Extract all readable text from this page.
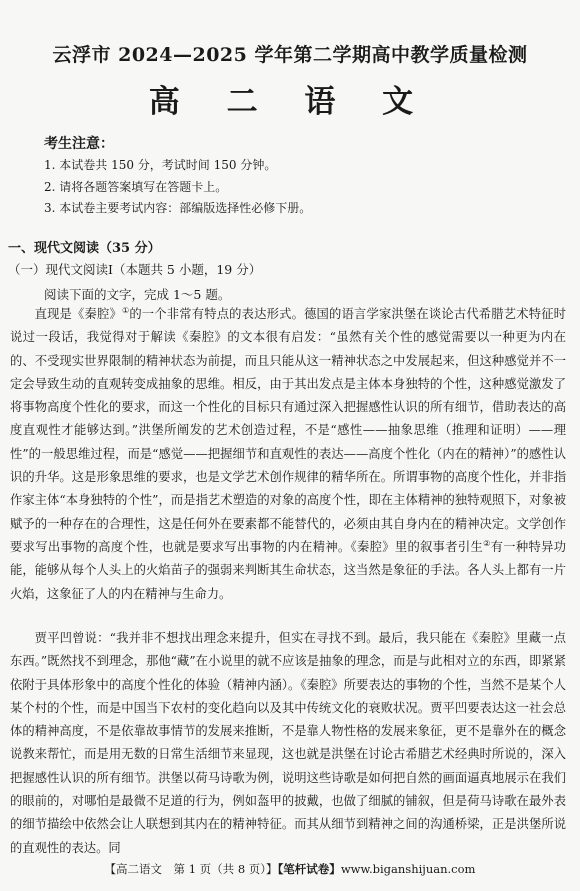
云浮市 2024—2025 学年第二学期高中教学质量检测
高 二 语 文
考生注意：
1. 本试卷共 150 分，考试时间 150 分钟。
2. 请将各题答案填写在答题卡上。
3. 本试卷主要考试内容：部编版选择性必修下册。
一、现代文阅读（35 分）
（一）现代文阅读Ⅰ（本题共 5 小题，19 分）
阅读下面的文字，完成 1～5 题。
直现是《秦腔》①的一个非常有特点的表达形式。德国的语言学家洪堡在谈论古代希腊艺术特征时说过一段话，我觉得对于解读《秦腔》的文本很有启发：“虽然有关个性的感觉需要以一种更为内在的、不受现实世界限制的精神状态为前提，而且只能从这一精神状态之中发展起来，但这种感觉并不一定会导致生动的直观转变成抽象的思维。相反，由于其出发点是主体本身独特的个性，这种感觉激发了将事物高度个性化的要求，而这一个性化的目标只有通过深入把握感性认识的所有细节，借助表达的高度直观性才能够达到。”洪堡所阐发的艺术创造过程，不是“感性——抽象思维（推理和证明）——理性”的一般思维过程，而是“感觉——把握细节和直观性的表达——高度个性化（内在的精神）”的感性认识的升华。这是形象思维的要求，也是文学艺术创作规律的精华所在。所谓事物的高度个性化，并非指作家主体“本身独特的个性”，而是指艺术塑造的对象的高度个性，即在主体精神的独特观照下，对象被赋予的一种存在的合理性，这是任何外在要素都不能替代的，必须由其自身内在的精神决定。文学创作要求写出事物的高度个性，也就是要求写出事物的内在精神。《秦腔》里的叙事者引生②有一种特异功能，能够从每个人头上的火焰苗子的强弱来判断其生命状态，这当然是象征的手法。各人头上都有一片火焰，这象征了人的内在精神与生命力。
贾平凹曾说：“我并非不想找出理念来提升，但实在寻找不到。最后，我只能在《秦腔》里藏一点东西。”既然找不到理念，那他“藏”在小说里的就不应该是抽象的理念，而是与此相对立的东西，即紧紧依附于具体形象中的高度个性化的体验（精神内涵）。《秦腔》所要表达的事物的个性，当然不是某个人某个村的个性，而是中国当下农村的变化趋向以及其中传统文化的衰败状况。贾平凹要表达这一社会总体的精神高度，不是依靠故事情节的发展来推断，不是靠人物性格的发展来象征，更不是靠外在的概念说教来帮忙，而是用无数的日常生活细节来显现，这也就是洪堡在讨论古希腊艺术经典时所说的，深入把握感性认识的所有细节。洪堡以荷马诗歌为例，说明这些诗歌是如何把自然的画面逼真地展示在我们的眼前的，对哪怕是最微不足道的行为，例如盔甲的披戴，也做了细腻的铺叙，但是荷马诗歌在最外表的细节描绘中依然会让人联想到其内在的精神特征。而其从细节到精神之间的沟通桥梁，正是洪堡所说的直观性的表达。同
【高二语文　第 1 页（共 8 页）】【笔杆试卷】www.biganshijuan.com
